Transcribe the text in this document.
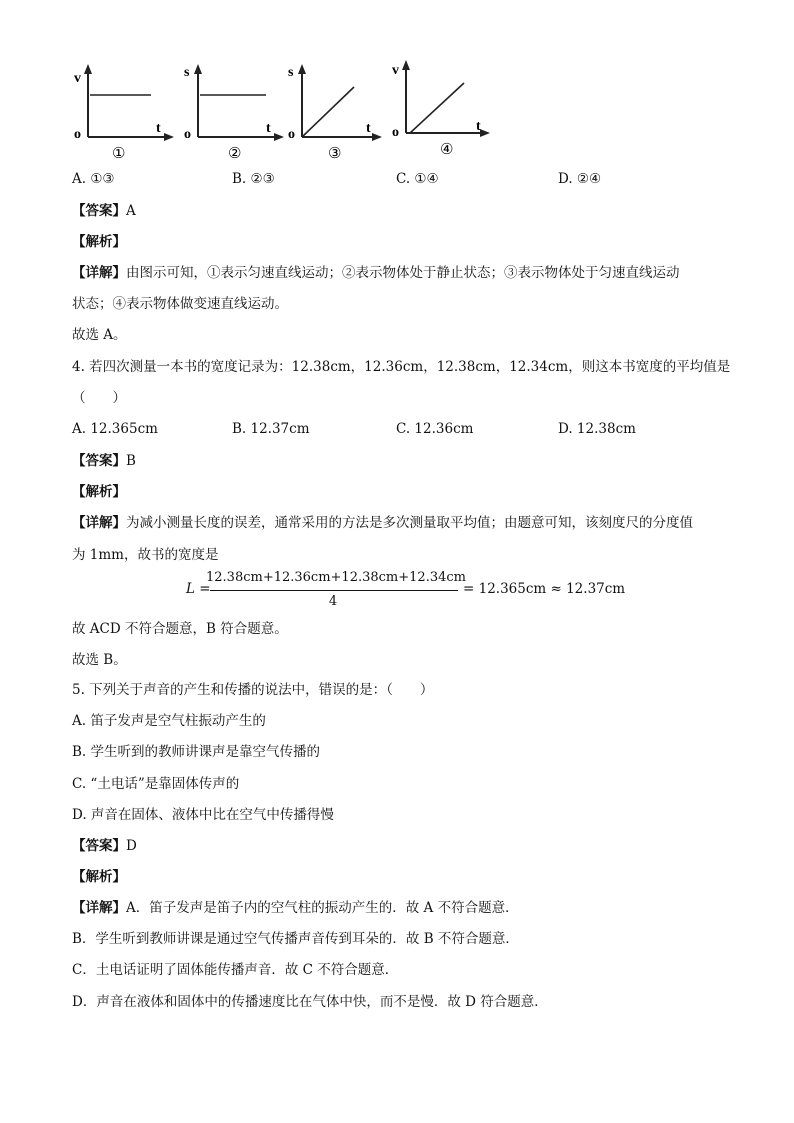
v
o	t
①
s
o	t
②
s
o	t
③
v
o	t
④
A. ①③	B. ②③	C. ①④	D. ②④
【答案】A
【解析】
【详解】由图示可知，①表示匀速直线运动；②表示物体处于静止状态；③表示物体处于匀速直线运动
状态；④表示物体做变速直线运动。
故选 A。
4. 若四次测量一本书的宽度记录为：12.38cm，12.36cm，12.38cm，12.34cm，则这本书宽度的平均值是
（　　）
A. 12.365cm	B. 12.37cm	C. 12.36cm	D. 12.38cm
【答案】B
【解析】
【详解】为减小测量长度的误差，通常采用的方法是多次测量取平均值；由题意可知，该刻度尺的分度值
为 1mm，故书的宽度是
L =
12.38cm+12.36cm+12.38cm+12.34cm
4
= 12.365cm ≈ 12.37cm
故 ACD 不符合题意，B 符合题意。
故选 B。
5. 下列关于声音的产生和传播的说法中，错误的是：（　　）
A. 笛子发声是空气柱振动产生的
B. 学生听到的教师讲课声是靠空气传播的
C. “土电话”是靠固体传声的
D. 声音在固体、液体中比在空气中传播得慢
【答案】D
【解析】
【详解】A．笛子发声是笛子内的空气柱的振动产生的．故 A 不符合题意．
B．学生听到教师讲课是通过空气传播声音传到耳朵的．故 B 不符合题意．
C．土电话证明了固体能传播声音．故 C 不符合题意．
D．声音在液体和固体中的传播速度比在气体中快，而不是慢．故 D 符合题意．
